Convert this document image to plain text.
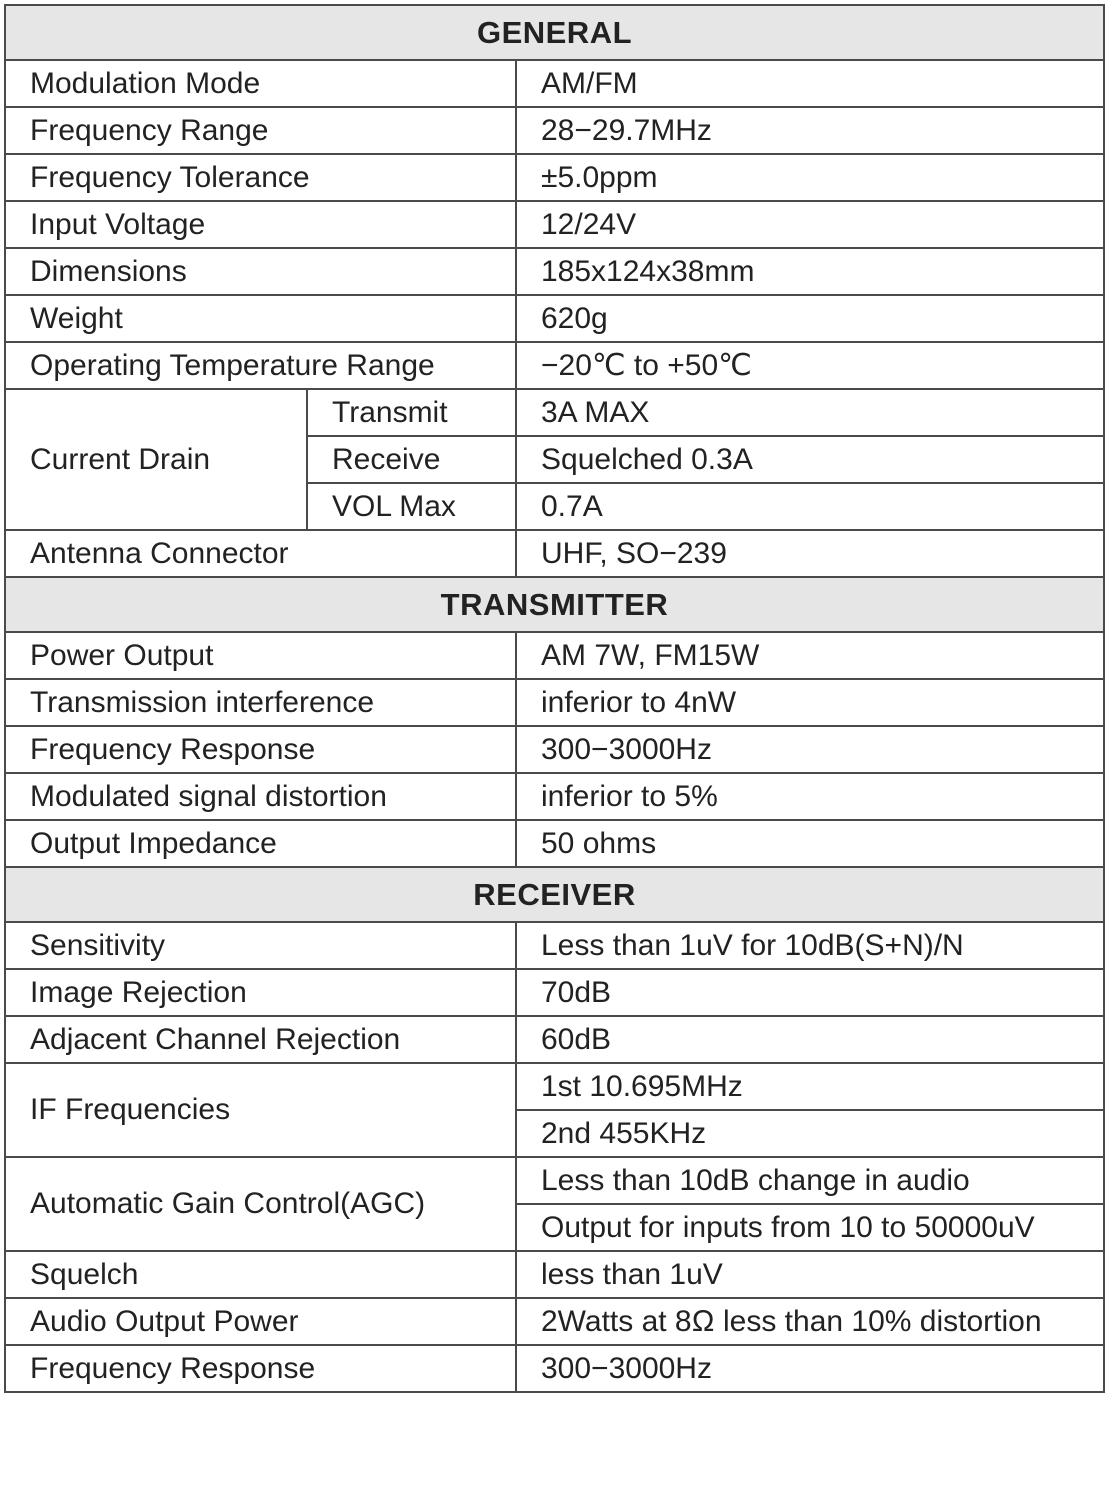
GENERAL		
Modulation Mode		AM/FM
Frequency Range		28−29.7MHz
Frequency Tolerance		±5.0ppm
Input Voltage		12/24V
Dimensions		185x124x38mm
Weight		620g
Operating Temperature Range		−20℃ to +50℃
Current Drain	Transmit	3A MAX
	Receive	Squelched 0.3A
	VOL Max	0.7A
Antenna Connector		UHF, SO−239
TRANSMITTER		
Power Output		AM 7W, FM15W
Transmission interference		inferior to 4nW
Frequency Response		300−3000Hz
Modulated signal distortion		inferior to 5%
Output Impedance		50 ohms
RECEIVER		
Sensitivity		Less than 1uV for 10dB(S+N)/N
Image Rejection		70dB
Adjacent Channel Rejection		60dB
IF Frequencies		1st 10.695MHz
		2nd 455KHz
Automatic Gain Control(AGC)		Less than 10dB change in audio
		Output for inputs from 10 to 50000uV
Squelch		less than 1uV
Audio Output Power		2Watts at 8Ω less than 10% distortion
Frequency Response		300−3000Hz
